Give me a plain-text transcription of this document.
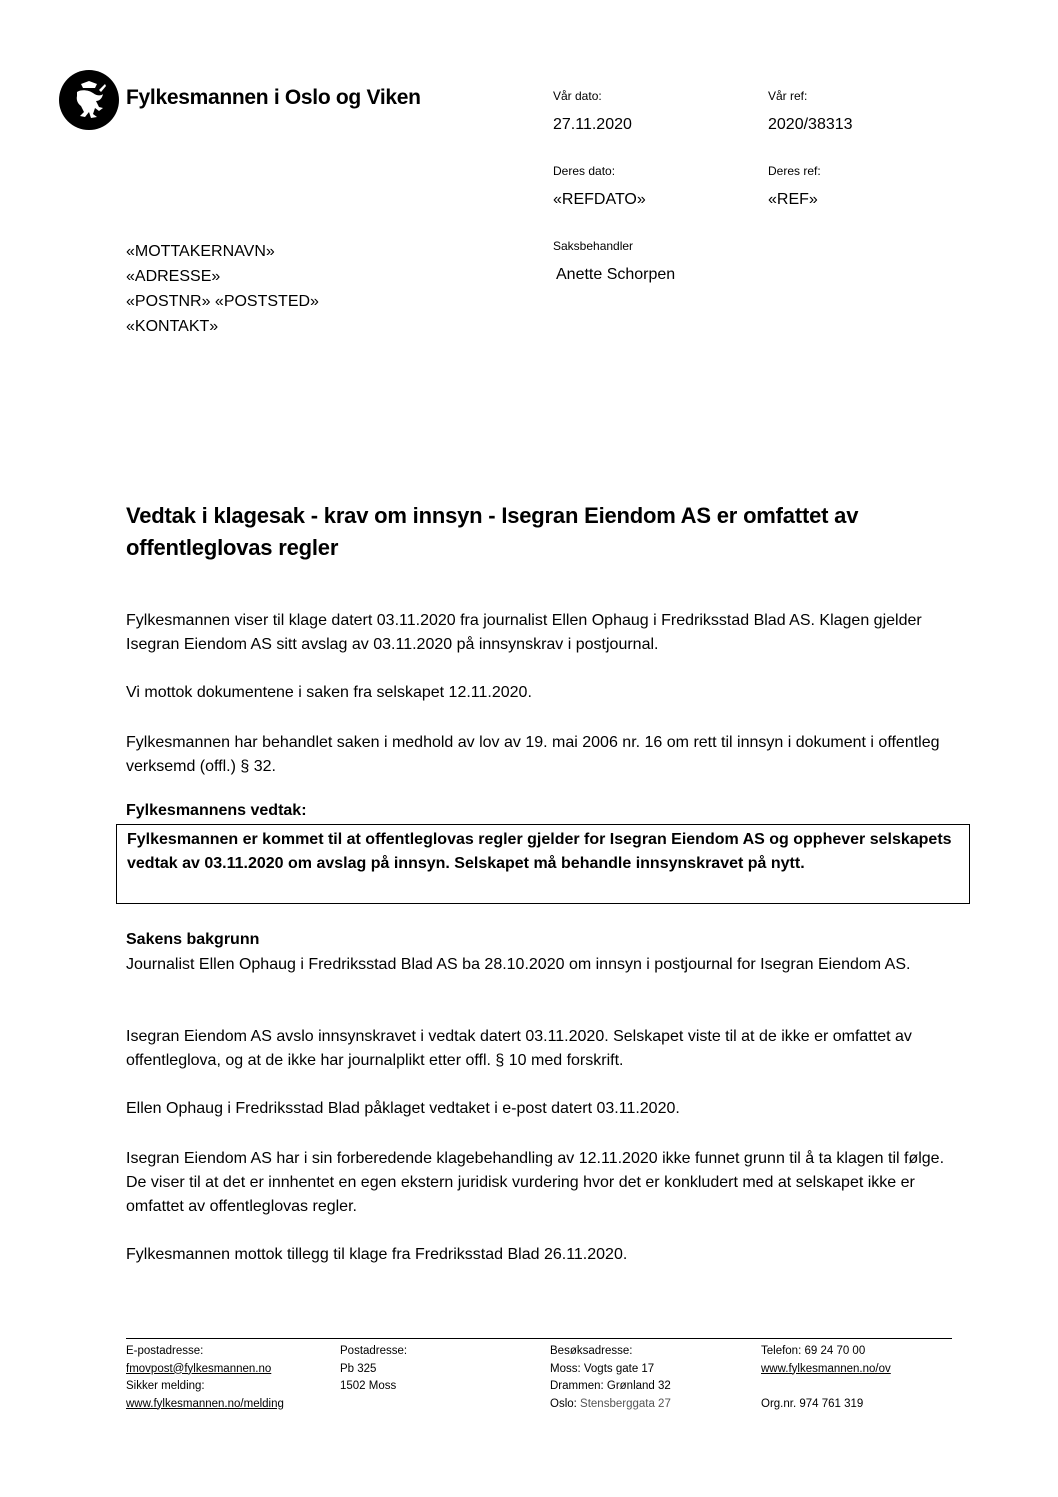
Fylkesmannen i Oslo og Viken	Vår dato:
27.11.2020
Vår ref:
2020/38313
Deres dato:
«REFDATO»
Deres ref:
«REF»
Saksbehandler
Anette Schorpen
«MOTTAKERNAVN»
«ADRESSE»
«POSTNR» «POSTSTED»
«KONTAKT»
Vedtak i klagesak - krav om innsyn - Isegran Eiendom AS er omfattet av offentleglovas regler
Fylkesmannen viser til klage datert 03.11.2020 fra journalist Ellen Ophaug i Fredriksstad Blad AS. Klagen gjelder Isegran Eiendom AS sitt avslag av 03.11.2020 på innsynskrav i postjournal.
Vi mottok dokumentene i saken fra selskapet 12.11.2020.
Fylkesmannen har behandlet saken i medhold av lov av 19. mai 2006 nr. 16 om rett til innsyn i dokument i offentleg verksemd (offl.) § 32.
Fylkesmannens vedtak:
Fylkesmannen er kommet til at offentleglovas regler gjelder for Isegran Eiendom AS og opphever selskapets vedtak av 03.11.2020 om avslag på innsyn. Selskapet må behandle innsynskravet på nytt.
Sakens bakgrunn
Journalist Ellen Ophaug i Fredriksstad Blad AS ba 28.10.2020 om innsyn i postjournal for Isegran Eiendom AS.
Isegran Eiendom AS avslo innsynskravet i vedtak datert 03.11.2020. Selskapet viste til at de ikke er omfattet av offentleglova, og at de ikke har journalplikt etter offl. § 10 med forskrift.
Ellen Ophaug i Fredriksstad Blad påklaget vedtaket i e-post datert 03.11.2020.
Isegran Eiendom AS har i sin forberedende klagebehandling av 12.11.2020 ikke funnet grunn til å ta klagen til følge. De viser til at det er innhentet en egen ekstern juridisk vurdering hvor det er konkludert med at selskapet ikke er omfattet av offentleglovas regler.
Fylkesmannen mottok tillegg til klage fra Fredriksstad Blad 26.11.2020.
E-postadresse:
fmovpost@fylkesmannen.no
Sikker melding:
www.fylkesmannen.no/melding
Postadresse:
Pb 325
1502 Moss
Besøksadresse:
Moss: Vogts gate 17
Drammen: Grønland 32
Oslo: Stensberggata 27
Telefon: 69 24 70 00
www.fylkesmannen.no/ov

Org.nr. 974 761 319
